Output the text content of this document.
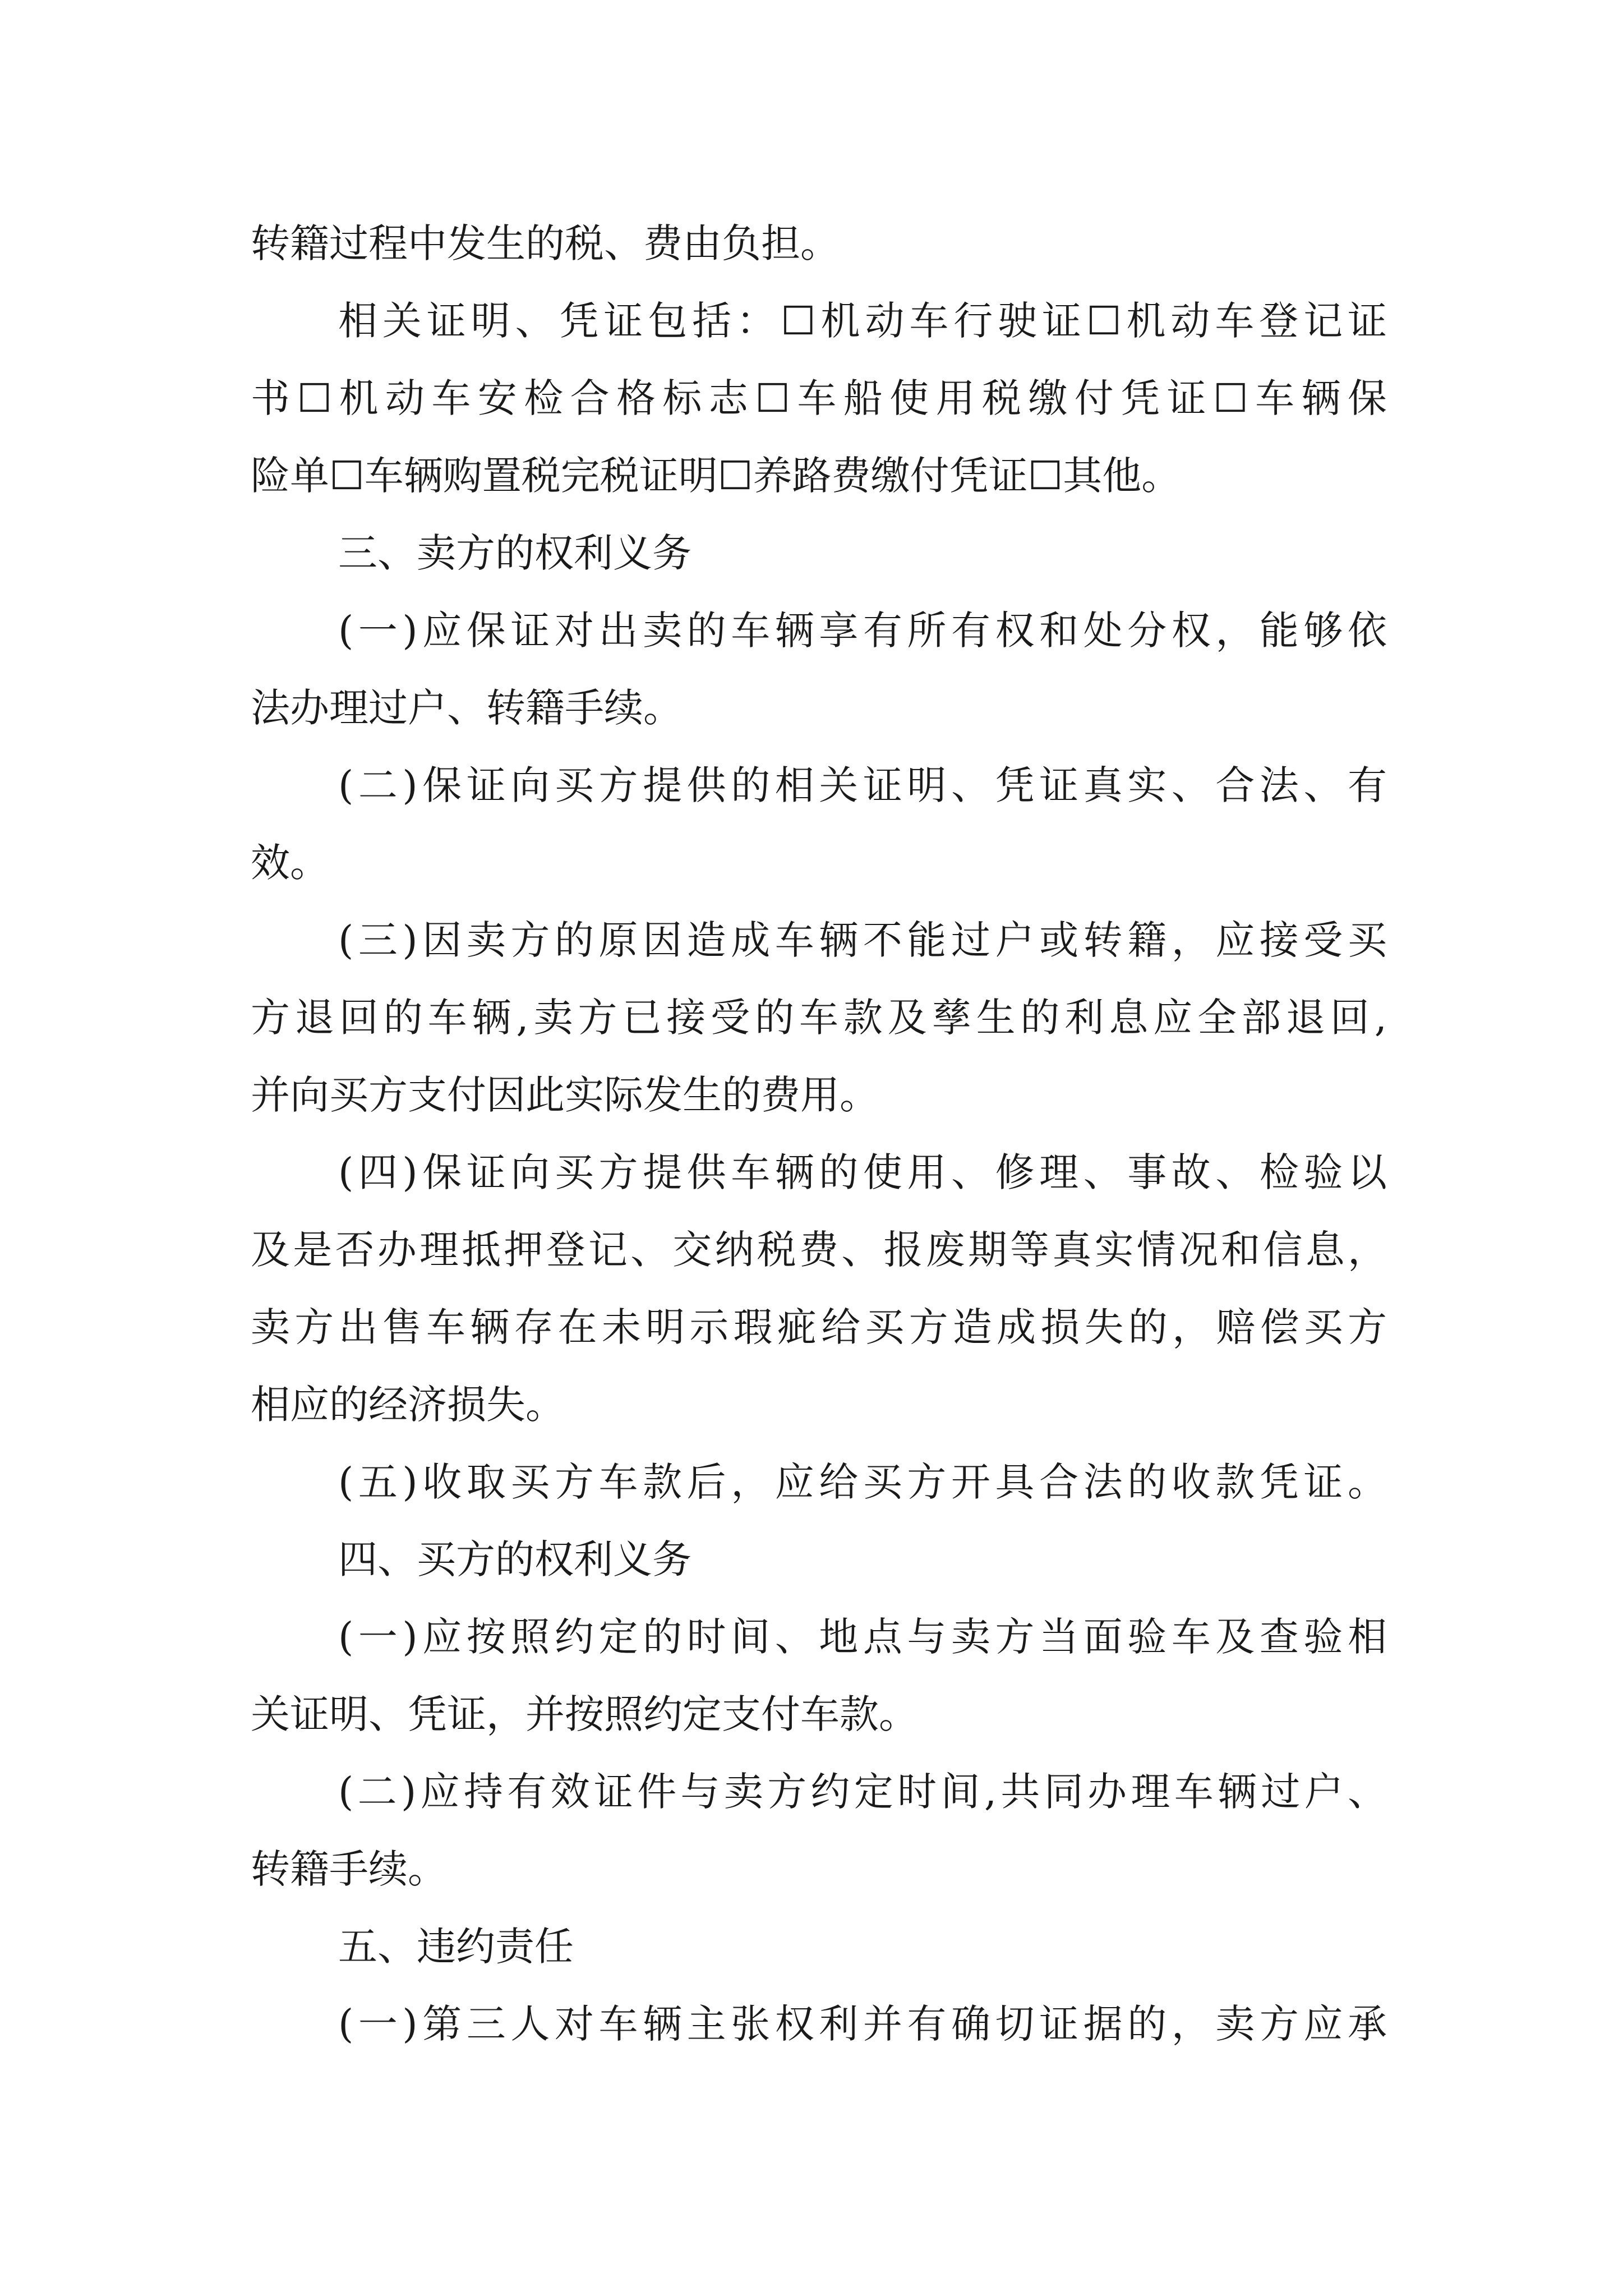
转籍过程中发生的税、费由负担。
相关证明、凭证包括：☐机动车行驶证☐机动车登记证
书☐机动车安检合格标志☐车船使用税缴付凭证☐车辆保
险单☐车辆购置税完税证明☐养路费缴付凭证☐其他。
三、卖方的权利义务
(一)应保证对出卖的车辆享有所有权和处分权，能够依
法办理过户、转籍手续。
(二)保证向买方提供的相关证明、凭证真实、合法、有
效。
(三)因卖方的原因造成车辆不能过户或转籍，应接受买
方退回的车辆,卖方已接受的车款及孳生的利息应全部退回,
并向买方支付因此实际发生的费用。
(四)保证向买方提供车辆的使用、修理、事故、检验以
及是否办理抵押登记、交纳税费、报废期等真实情况和信息，
卖方出售车辆存在未明示瑕疵给买方造成损失的，赔偿买方
相应的经济损失。
(五)收取买方车款后，应给买方开具合法的收款凭证。
四、买方的权利义务
(一)应按照约定的时间、地点与卖方当面验车及查验相
关证明、凭证，并按照约定支付车款。
(二)应持有效证件与卖方约定时间,共同办理车辆过户、
转籍手续。
五、违约责任
(一)第三人对车辆主张权利并有确切证据的，卖方应承
